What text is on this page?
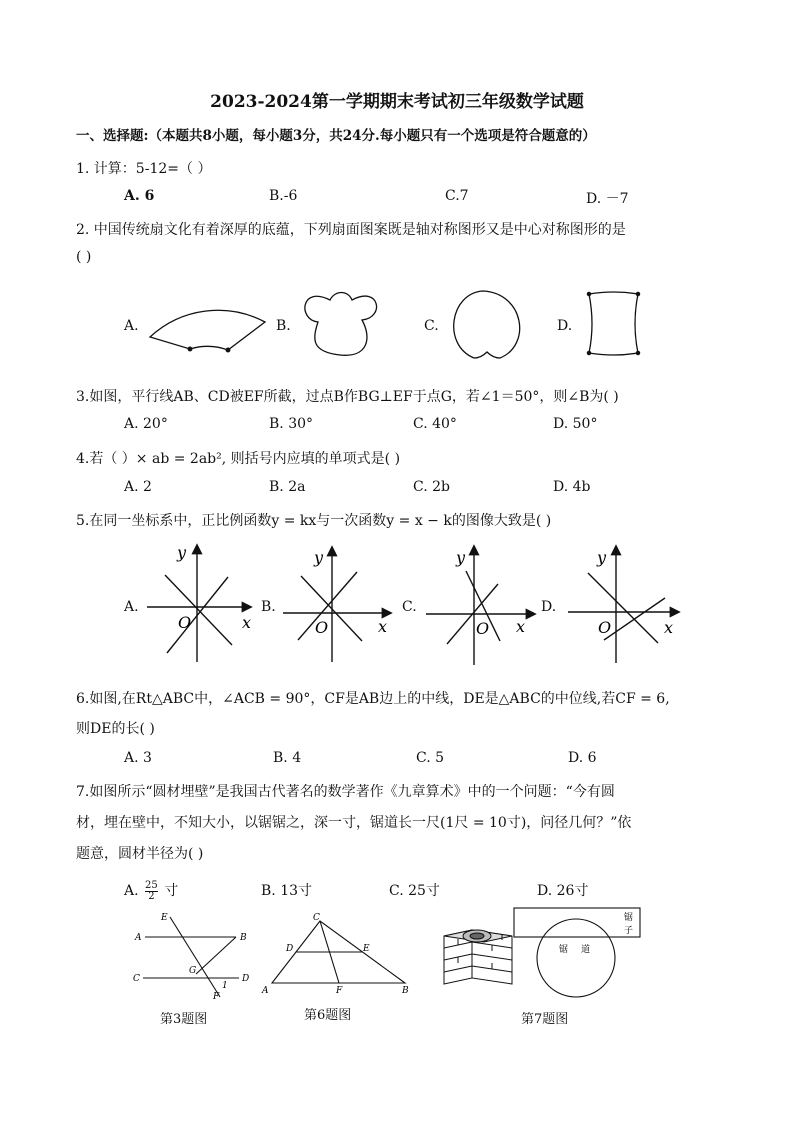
2023-2024第一学期期末考试初三年级数学试题
一、选择题:（本题共8小题，每小题3分，共24分.每小题只有一个选项是符合题意的）
1. 计算：5-12=（ ）
A. 6	B.-6	C.7	D. －7
2. 中国传统扇文化有着深厚的底蕴，下列扇面图案既是轴对称图形又是中心对称图形的是
( )
A.	B.	C.	D.
3.如图，平行线AB、CD被EF所截，过点B作BG⊥EF于点G，若∠1＝50°，则∠B为( )
A. 20°	B. 30°	C. 40°	D. 50°
4.若（ ）× ab = 2ab², 则括号内应填的单项式是( )
A. 2	B. 2a	C. 2b	D. 4b
5.在同一坐标系中，正比例函数y = kx与一次函数y = x − k的图像大致是( )
A.	B.	C.	D.
y
x
O
y
x
O
y
x
O
y
x
O
6.如图,在Rt△ABC中，∠ACB = 90°，CF是AB边上的中线，DE是△ABC的中位线,若CF = 6,
则DE的长( )
A. 3	B. 4	C. 5	D. 6
7.如图所示“圆材埋壁”是我国古代著名的数学著作《九章算术》中的一个问题：“今有圆
材，埋在壁中，不知大小，以锯锯之，深一寸，锯道长一尺(1尺 = 10寸)，问径几何？”依
题意，圆材半径为( )
A. $\frac{25}{2}$ 寸	B. 13寸	C. 25寸	D. 26寸
E
A	B
C
G
1
D
F
C
D	E
A	F	B
锯
子
锯 道
第3题图	第6题图	第7题图
